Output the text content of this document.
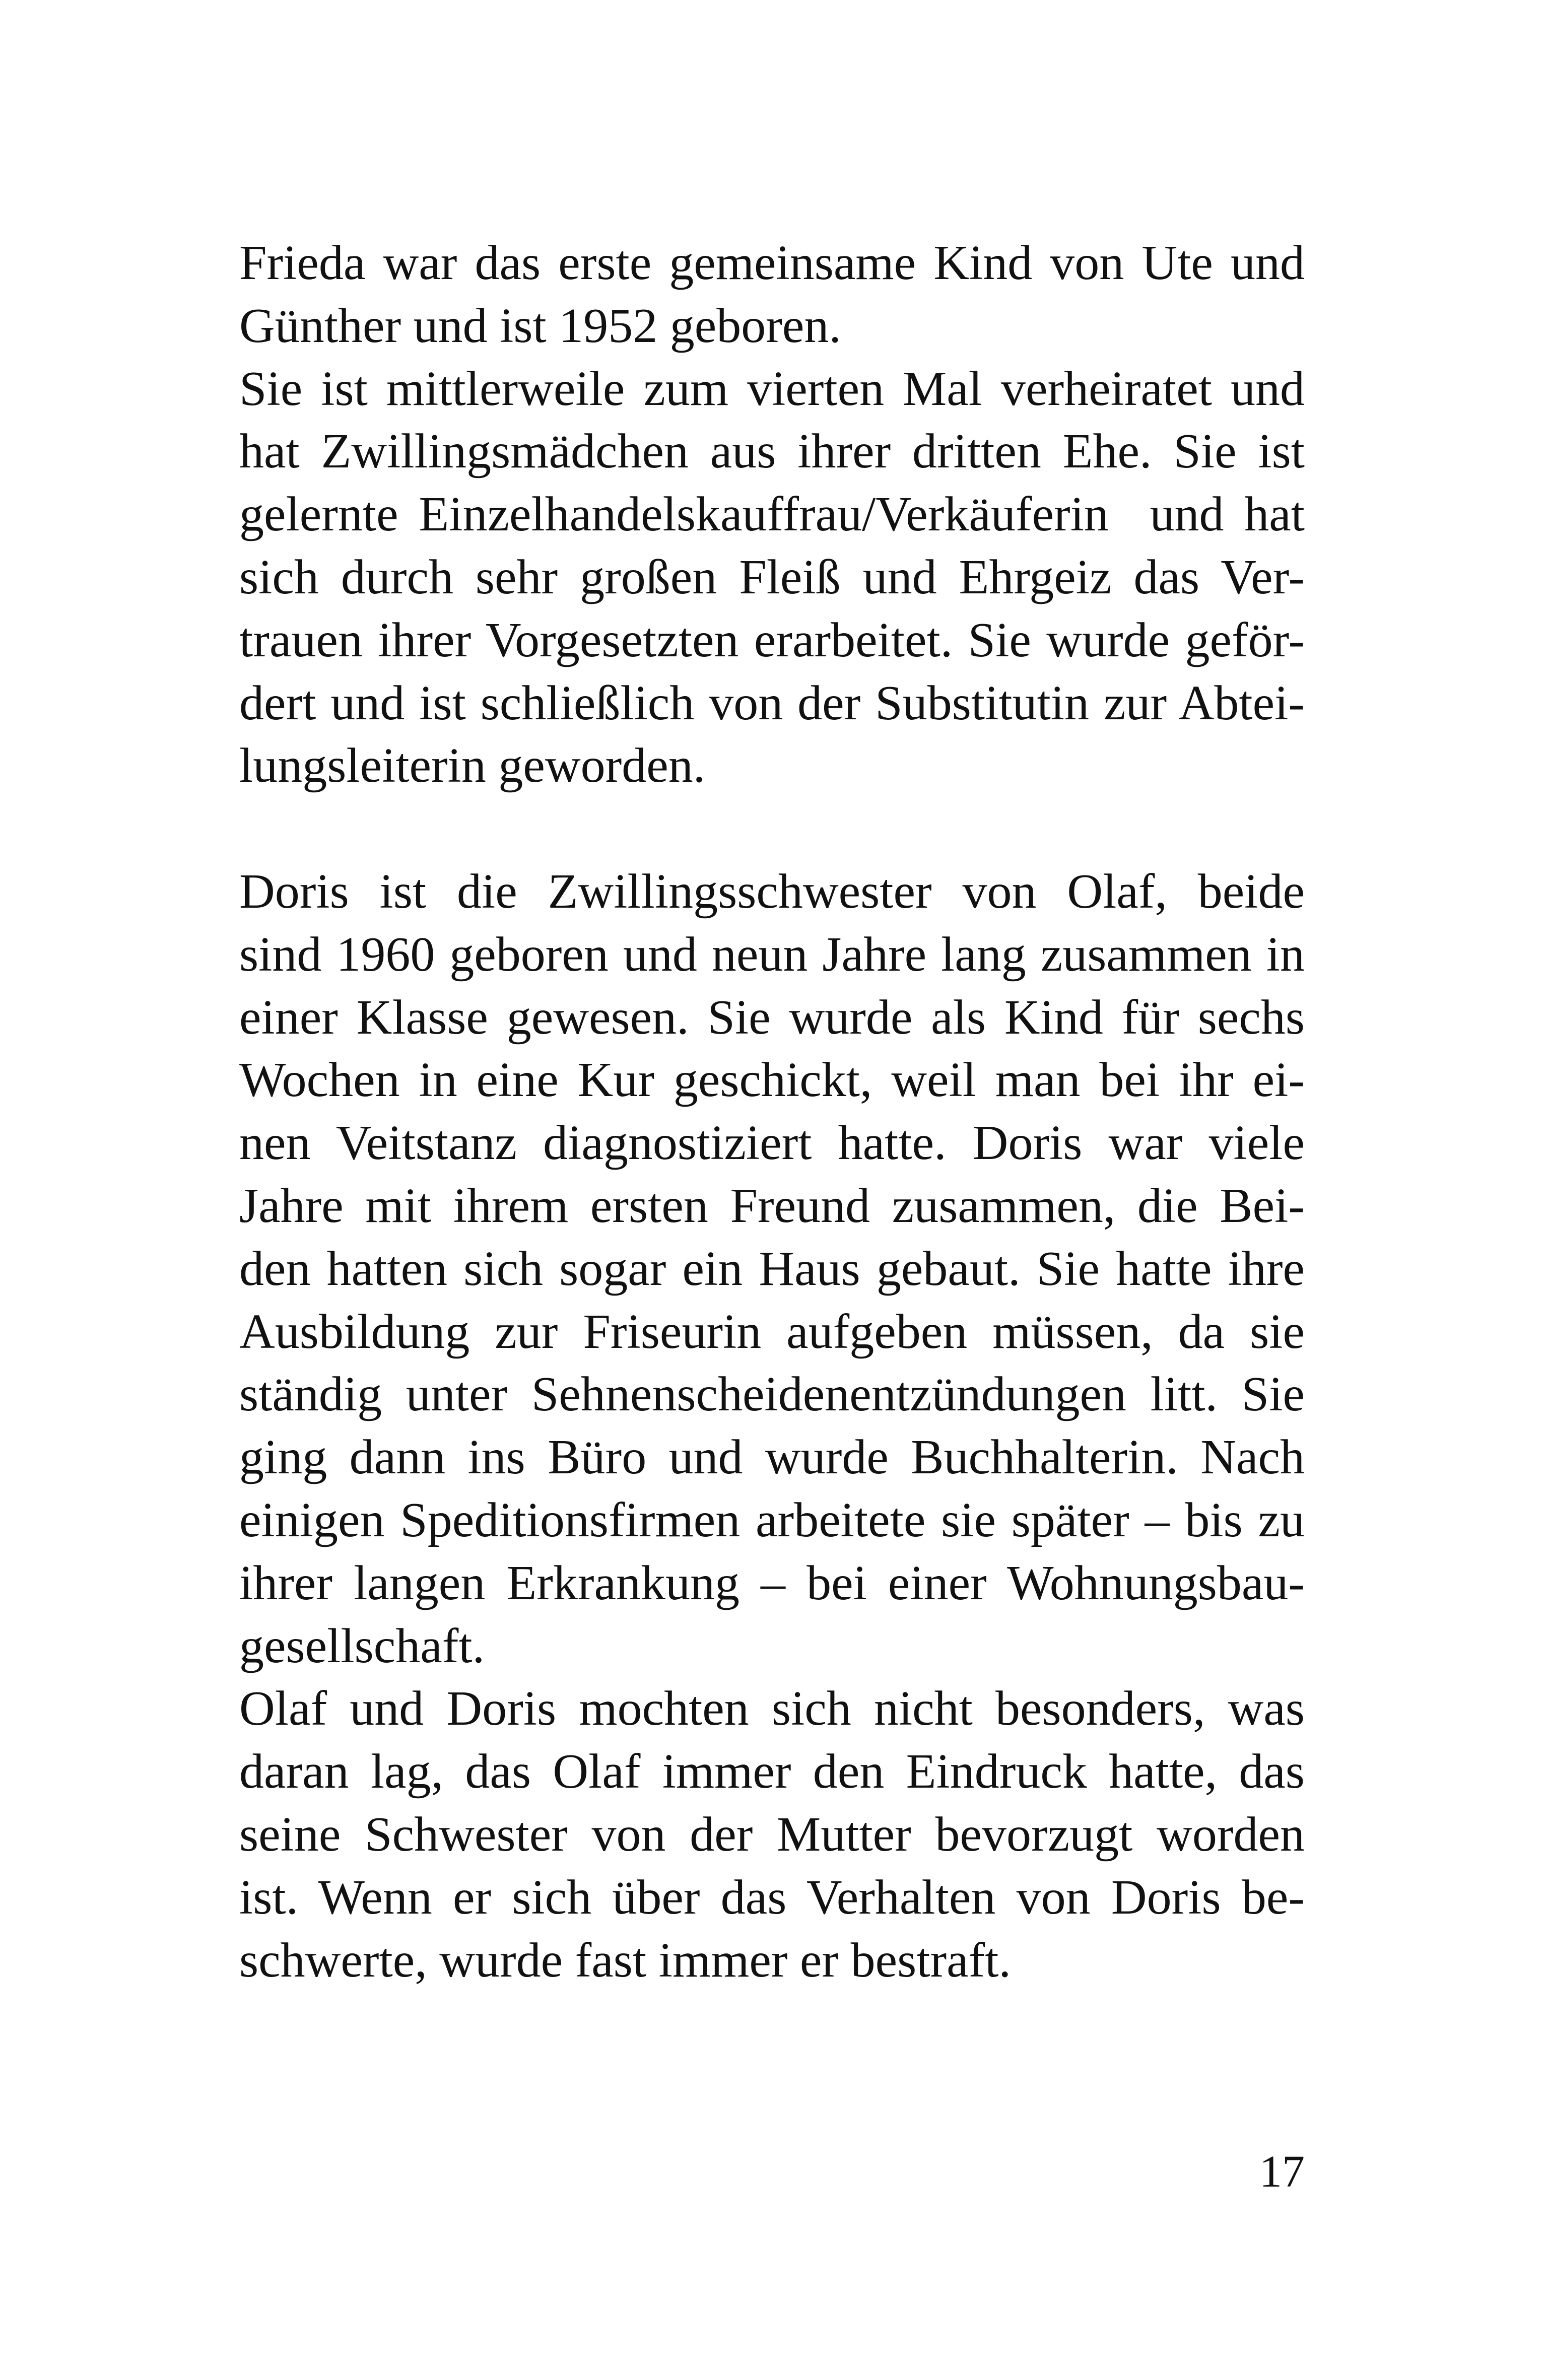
Frieda war das erste gemeinsame Kind von Ute und
Günther und ist 1952 geboren.
Sie ist mittlerweile zum vierten Mal verheiratet und
hat Zwillingsmädchen aus ihrer dritten Ehe. Sie ist
gelernte Einzelhandelskauffrau/Verkäuferin  und hat
sich durch sehr großen Fleiß und Ehrgeiz das Ver-
trauen ihrer Vorgesetzten erarbeitet. Sie wurde geför-
dert und ist schließlich von der Substitutin zur Abtei-
lungsleiterin geworden.
Doris ist die Zwillingsschwester von Olaf, beide
sind 1960 geboren und neun Jahre lang zusammen in
einer Klasse gewesen. Sie wurde als Kind für sechs
Wochen in eine Kur geschickt, weil man bei ihr ei-
nen Veitstanz diagnostiziert hatte. Doris war viele
Jahre mit ihrem ersten Freund zusammen, die Bei-
den hatten sich sogar ein Haus gebaut. Sie hatte ihre
Ausbildung zur Friseurin aufgeben müssen, da sie
ständig unter Sehnenscheidenentzündungen litt. Sie
ging dann ins Büro und wurde Buchhalterin. Nach
einigen Speditionsfirmen arbeitete sie später – bis zu
ihrer langen Erkrankung – bei einer Wohnungsbau-
gesellschaft.
Olaf und Doris mochten sich nicht besonders, was
daran lag, das Olaf immer den Eindruck hatte, das
seine Schwester von der Mutter bevorzugt worden
ist. Wenn er sich über das Verhalten von Doris be-
schwerte, wurde fast immer er bestraft.
17
